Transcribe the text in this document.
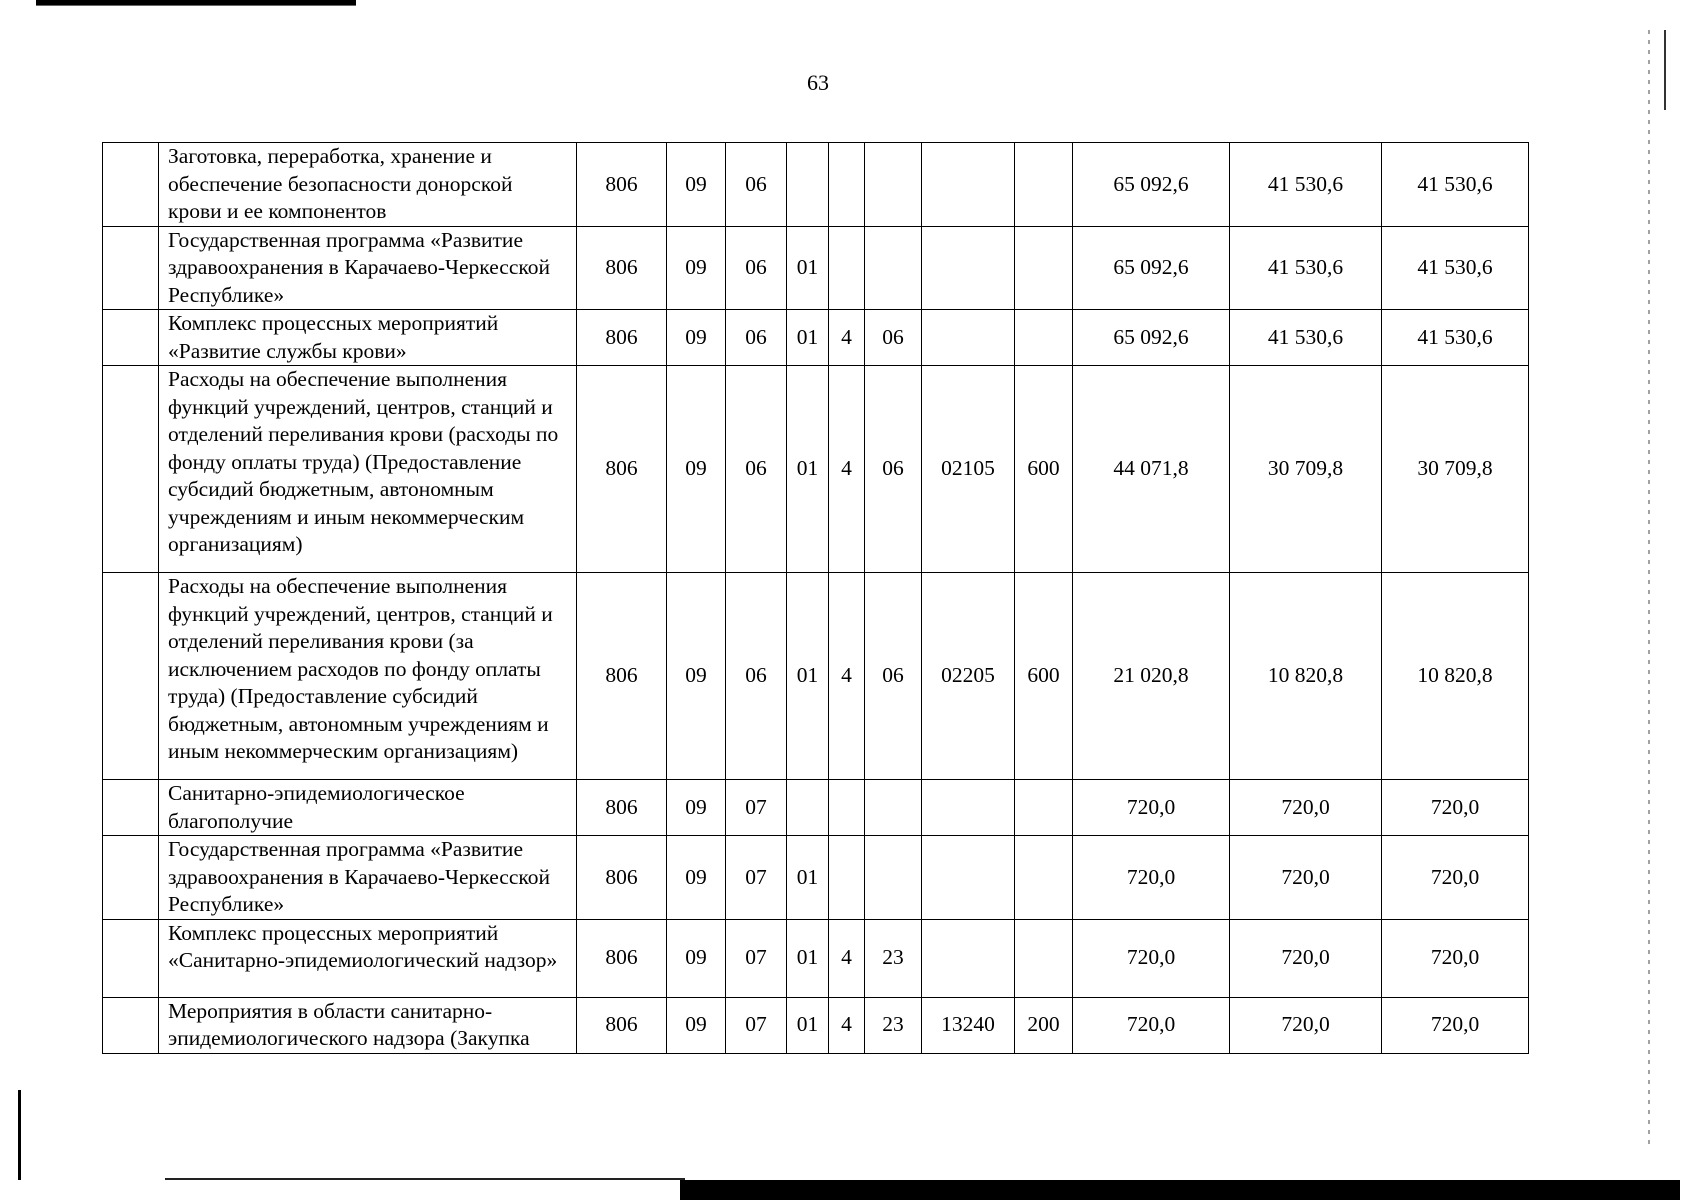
63
	Заготовка, переработка, хранение и обеспечение безопасности донорской крови и ее компонентов	806	09	06						65 092,6	41 530,6	41 530,6
	Государственная программа «Развитие здравоохранения в Карачаево-Черкесской Республике»	806	09	06	01					65 092,6	41 530,6	41 530,6
	Комплекс процессных мероприятий «Развитие службы крови»	806	09	06	01	4	06			65 092,6	41 530,6	41 530,6
	Расходы на обеспечение выполнения функций учреждений, центров, станций и отделений переливания крови (расходы по фонду оплаты труда) (Предоставление субсидий бюджетным, автономным учреждениям и иным некоммерческим организациям)	806	09	06	01	4	06	02105	600	44 071,8	30 709,8	30 709,8
	Расходы на обеспечение выполнения функций учреждений, центров, станций и отделений переливания крови (за исключением расходов по фонду оплаты труда) (Предоставление субсидий бюджетным, автономным учреждениям и иным некоммерческим организациям)	806	09	06	01	4	06	02205	600	21 020,8	10 820,8	10 820,8
	Санитарно-эпидемиологическое благополучие	806	09	07						720,0	720,0	720,0
	Государственная программа «Развитие здравоохранения в Карачаево-Черкесской Республике»	806	09	07	01					720,0	720,0	720,0
	Комплекс процессных мероприятий «Санитарно-эпидемиологический надзор»	806	09	07	01	4	23			720,0	720,0	720,0
	Мероприятия в области санитарно-эпидемиологического надзора (Закупка	806	09	07	01	4	23	13240	200	720,0	720,0	720,0
